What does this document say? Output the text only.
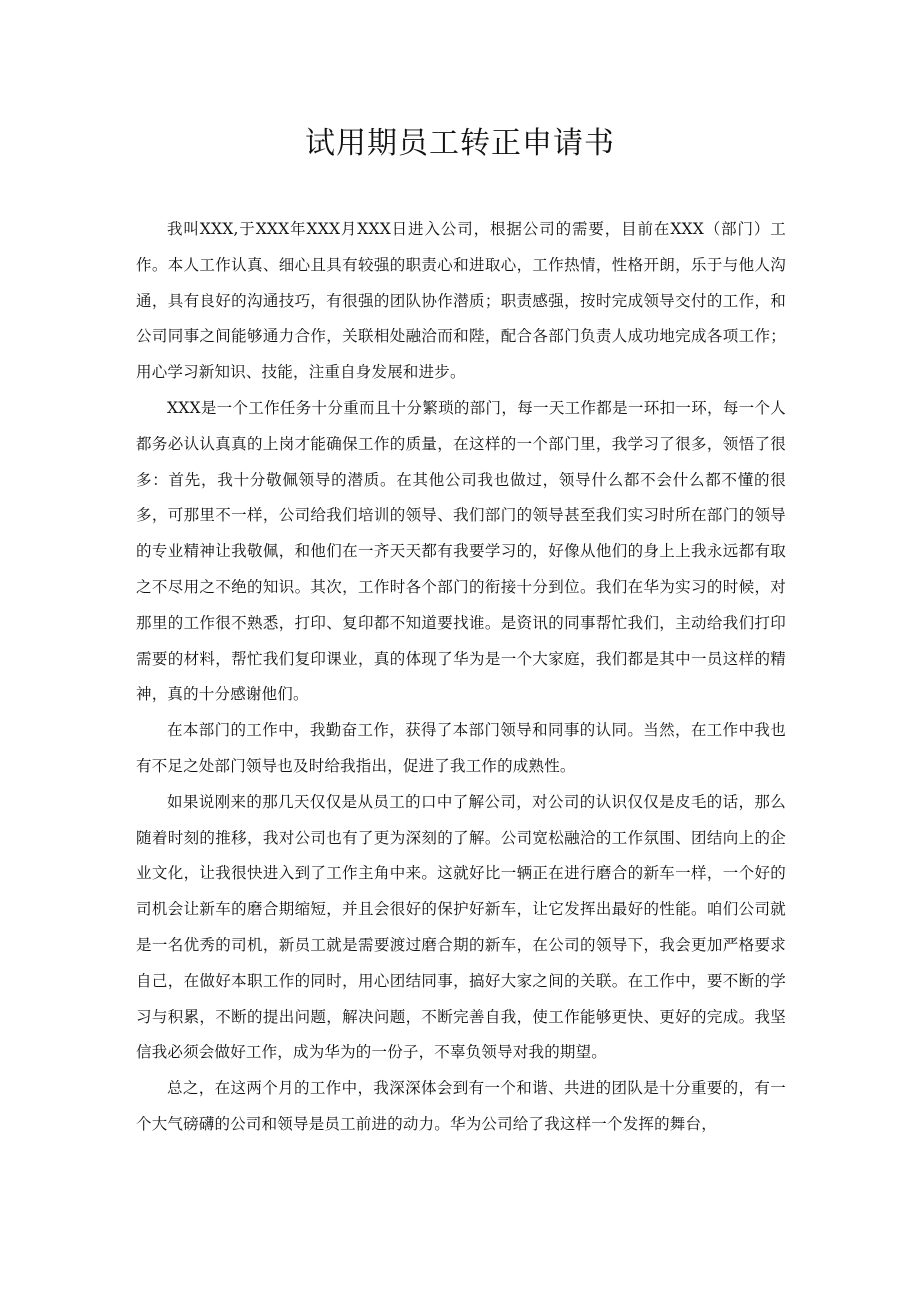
试用期员工转正申请书

我叫XXX,于XXX年XXX月XXX日进入公司，根据公司的需要，目前在XXX（部门）工作。本人工作认真、细心且具有较强的职责心和进取心，工作热情，性格开朗，乐于与他人沟通，具有良好的沟通技巧，有很强的团队协作潜质；职责感强，按时完成领导交付的工作，和公司同事之间能够通力合作，关联相处融洽而和陛，配合各部门负责人成功地完成各项工作；用心学习新知识、技能，注重自身发展和进步。

XXX是一个工作任务十分重而且十分繁琐的部门，每一天工作都是一环扣一环，每一个人都务必认认真真的上岗才能确保工作的质量，在这样的一个部门里，我学习了很多，领悟了很多：首先，我十分敬佩领导的潜质。在其他公司我也做过，领导什么都不会什么都不懂的很多，可那里不一样，公司给我们培训的领导、我们部门的领导甚至我们实习时所在部门的领导的专业精神让我敬佩，和他们在一齐天天都有我要学习的，好像从他们的身上上我永远都有取之不尽用之不绝的知识。其次，工作时各个部门的衔接十分到位。我们在华为实习的时候，对那里的工作很不熟悉，打印、复印都不知道要找谁。是资讯的同事帮忙我们，主动给我们打印需要的材料，帮忙我们复印课业，真的体现了华为是一个大家庭，我们都是其中一员这样的精神，真的十分感谢他们。

在本部门的工作中，我勤奋工作，获得了本部门领导和同事的认同。当然，在工作中我也有不足之处部门领导也及时给我指出，促进了我工作的成熟性。

如果说刚来的那几天仅仅是从员工的口中了解公司，对公司的认识仅仅是皮毛的话，那么随着时刻的推移，我对公司也有了更为深刻的了解。公司宽松融洽的工作氛围、团结向上的企业文化，让我很快进入到了工作主角中来。这就好比一辆正在进行磨合的新车一样，一个好的司机会让新车的磨合期缩短，并且会很好的保护好新车，让它发挥出最好的性能。咱们公司就是一名优秀的司机，新员工就是需要渡过磨合期的新车，在公司的领导下，我会更加严格要求自己，在做好本职工作的同时，用心团结同事，搞好大家之间的关联。在工作中，要不断的学习与积累，不断的提出问题，解决问题，不断完善自我，使工作能够更快、更好的完成。我坚信我必须会做好工作，成为华为的一份子，不辜负领导对我的期望。

总之，在这两个月的工作中，我深深体会到有一个和谐、共进的团队是十分重要的，有一个大气磅礴的公司和领导是员工前进的动力。华为公司给了我这样一个发挥的舞台，
